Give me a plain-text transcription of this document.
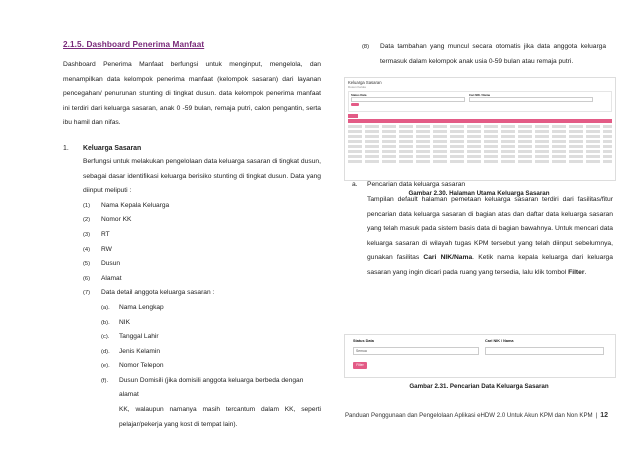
2.1.5. Dashboard Penerima Manfaat

Dashboard Penerima Manfaat berfungsi untuk menginput, mengelola, dan menampilkan data kelompok penerima manfaat (kelompok sasaran) dari layanan pencegahan/ penurunan stunting di tingkat dusun. data kelompok penerima manfaat ini terdiri dari keluarga sasaran, anak 0 -59 bulan, remaja putri, calon pengantin, serta ibu hamil dan nifas.

1.	Keluarga Sasaran

Berfungsi untuk melakukan pengelolaan data keluarga sasaran di tingkat dusun, sebagai dasar identifikasi keluarga berisiko stunting di tingkat dusun. Data yang diinput meliputi :

(1)	Nama Kepala Keluarga
(2)	Nomor KK
(3)	RT
(4)	RW
(5)	Dusun
(6)	Alamat
(7)	Data detail anggota keluarga sasaran :
(a).	Nama Lengkap
(b).	NIK
(c).	Tanggal Lahir
(d).	Jenis Kelamin
(e).	Nomor Telepon
(f).	Dusun Domisili (jika domisili anggota keluarga berbeda dengan alamat
KK, walaupun namanya masih tercantum dalam KK, seperti pelajar/pekerja yang kost di tempat lain).
(8)	Data tambahan yang muncul secara otomatis jika data anggota keluarga termasuk dalam kelompok anak usia 0-59 bulan atau remaja putri.
Keluarga Sasaran
Dusun Kelola
Status Data	Cari NIK / Nama
Gambar 2.30. Halaman Utama Keluarga Sasaran
a.	Pencarian data keluarga sasaran

Tampilan default halaman pemetaan keluarga sasaran terdiri dari fasilitas/fitur pencarian data keluarga sasaran di bagian atas dan daftar data keluarga sasaran yang telah masuk pada sistem basis data di bagian bawahnya. Untuk mencari data keluarga sasaran di wilayah tugas KPM tersebut yang telah diinput sebelumnya, gunakan fasilitas Cari NIK/Nama. Ketik nama kepala keluarga dari keluarga sasaran yang ingin dicari pada ruang yang tersedia, lalu klik tombol Filter.

Status Data	Cari NIK / Nama
Semua
Filter
Gambar 2.31. Pencarian Data Keluarga Sasaran
Panduan Penggunaan dan Pengelolaan Aplikasi eHDW 2.0 Untuk Akun KPM dan Non KPM | 12
